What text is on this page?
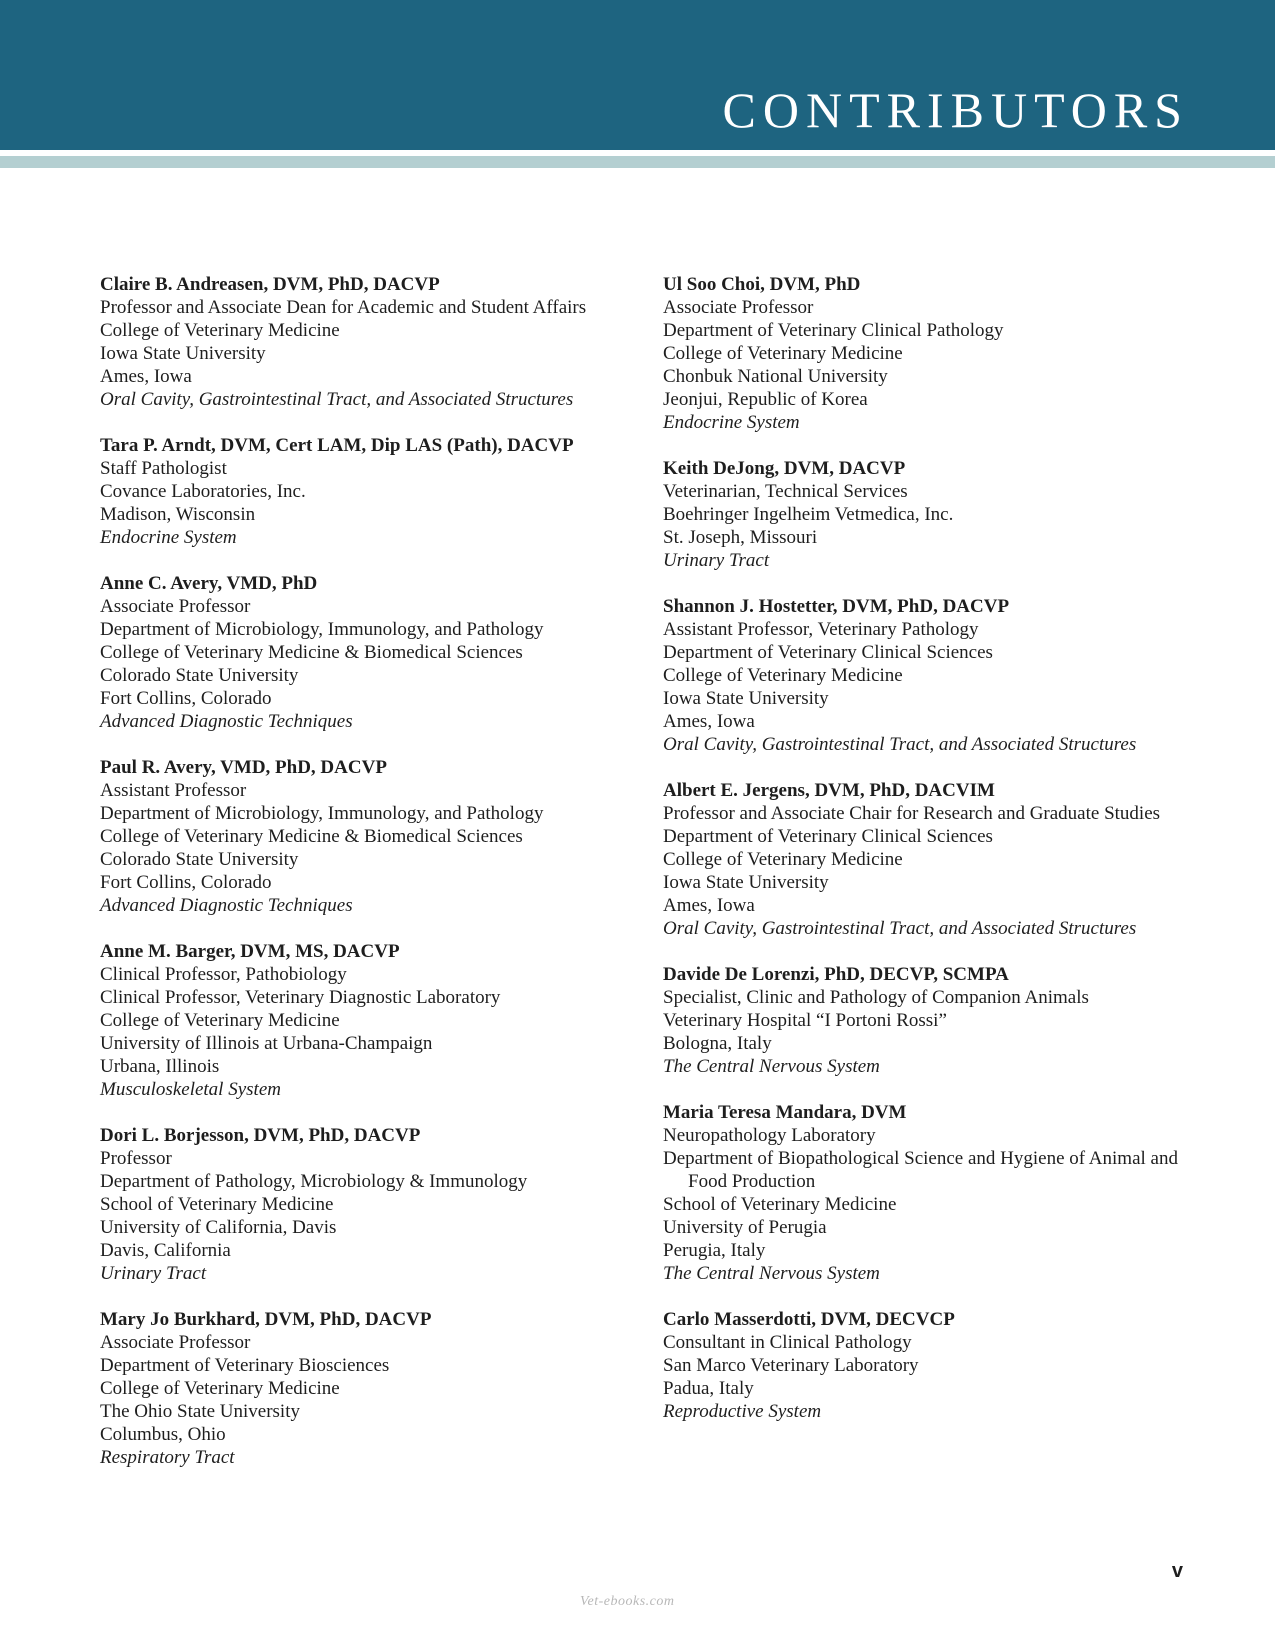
CONTRIBUTORS
Claire B. Andreasen, DVM, PhD, DACVP
Professor and Associate Dean for Academic and Student Affairs
College of Veterinary Medicine
Iowa State University
Ames, Iowa
Oral Cavity, Gastrointestinal Tract, and Associated Structures
Tara P. Arndt, DVM, Cert LAM, Dip LAS (Path), DACVP
Staff Pathologist
Covance Laboratories, Inc.
Madison, Wisconsin
Endocrine System
Anne C. Avery, VMD, PhD
Associate Professor
Department of Microbiology, Immunology, and Pathology
College of Veterinary Medicine & Biomedical Sciences
Colorado State University
Fort Collins, Colorado
Advanced Diagnostic Techniques
Paul R. Avery, VMD, PhD, DACVP
Assistant Professor
Department of Microbiology, Immunology, and Pathology
College of Veterinary Medicine & Biomedical Sciences
Colorado State University
Fort Collins, Colorado
Advanced Diagnostic Techniques
Anne M. Barger, DVM, MS, DACVP
Clinical Professor, Pathobiology
Clinical Professor, Veterinary Diagnostic Laboratory
College of Veterinary Medicine
University of Illinois at Urbana-Champaign
Urbana, Illinois
Musculoskeletal System
Dori L. Borjesson, DVM, PhD, DACVP
Professor
Department of Pathology, Microbiology & Immunology
School of Veterinary Medicine
University of California, Davis
Davis, California
Urinary Tract
Mary Jo Burkhard, DVM, PhD, DACVP
Associate Professor
Department of Veterinary Biosciences
College of Veterinary Medicine
The Ohio State University
Columbus, Ohio
Respiratory Tract
Ul Soo Choi, DVM, PhD
Associate Professor
Department of Veterinary Clinical Pathology
College of Veterinary Medicine
Chonbuk National University
Jeonjui, Republic of Korea
Endocrine System
Keith DeJong, DVM, DACVP
Veterinarian, Technical Services
Boehringer Ingelheim Vetmedica, Inc.
St. Joseph, Missouri
Urinary Tract
Shannon J. Hostetter, DVM, PhD, DACVP
Assistant Professor, Veterinary Pathology
Department of Veterinary Clinical Sciences
College of Veterinary Medicine
Iowa State University
Ames, Iowa
Oral Cavity, Gastrointestinal Tract, and Associated Structures
Albert E. Jergens, DVM, PhD, DACVIM
Professor and Associate Chair for Research and Graduate Studies
Department of Veterinary Clinical Sciences
College of Veterinary Medicine
Iowa State University
Ames, Iowa
Oral Cavity, Gastrointestinal Tract, and Associated Structures
Davide De Lorenzi, PhD, DECVP, SCMPA
Specialist, Clinic and Pathology of Companion Animals
Veterinary Hospital “I Portoni Rossi”
Bologna, Italy
The Central Nervous System
Maria Teresa Mandara, DVM
Neuropathology Laboratory
Department of Biopathological Science and Hygiene of Animal and Food Production
School of Veterinary Medicine
University of Perugia
Perugia, Italy
The Central Nervous System
Carlo Masserdotti, DVM, DECVCP
Consultant in Clinical Pathology
San Marco Veterinary Laboratory
Padua, Italy
Reproductive System
v
Vet-ebooks.com
